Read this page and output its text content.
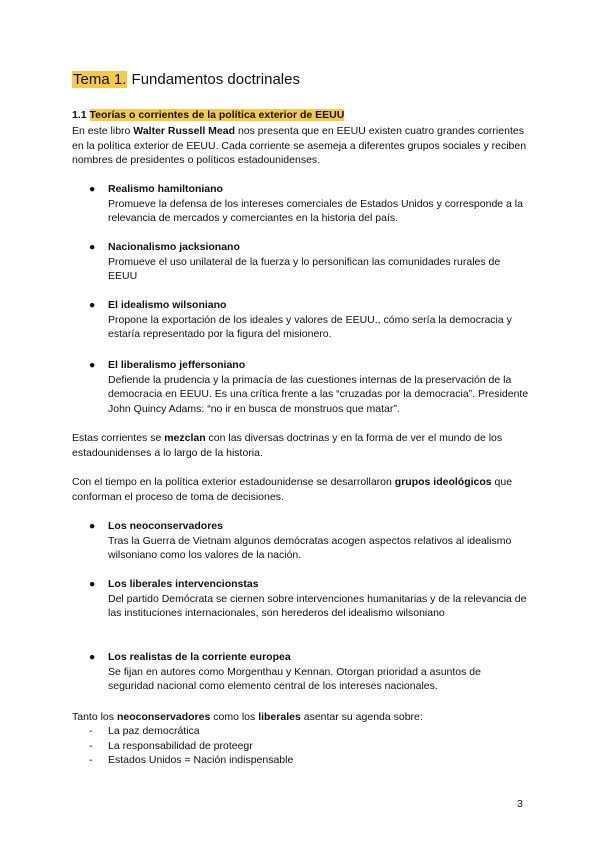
Tema 1. Fundamentos doctrinales
1.1 Teorías o corrientes de la política exterior de EEUU
En este libro Walter Russell Mead nos presenta que en EEUU existen cuatro grandes corrientes en la política exterior de EEUU. Cada corriente se asemeja a diferentes grupos sociales y reciben nombres de presidentes o políticos estadounidenses.
●	Realismo hamiltoniano
Promueve la defensa de los intereses comerciales de Estados Unidos y corresponde a la relevancia de mercados y comerciantes en la historia del país.
●	Nacionalismo jacksionano
Promueve el uso unilateral de la fuerza y lo personifican las comunidades rurales de EEUU
●	El idealismo wilsoniano
Propone la exportación de los ideales y valores de EEUU., cómo sería la democracia y estaría representado por la figura del misionero.
●	El liberalismo jeffersoniano
Defiende la prudencia y la primacía de las cuestiones internas de la preservación de la democracia en EEUU. Es una crítica frente a las “cruzadas por la democracia”. Presidente John Quincy Adams: “no ir en busca de monstruos que matar”.
Estas corrientes se mezclan con las diversas doctrinas y en la forma de ver el mundo de los estadounidenses a lo largo de la historia.
Con el tiempo en la política exterior estadounidense se desarrollaron grupos ideológicos que conforman el proceso de toma de decisiones.
●	Los neoconservadores
Tras la Guerra de Vietnam algunos demócratas acogen aspectos relativos al idealismo wilsoniano como los valores de la nación.
●	Los liberales intervencionstas
Del partido Demócrata se ciernen sobre intervenciones humanitarias y de la relevancia de las instituciones internacionales, son herederos del idealismo wilsoniano
●	Los realistas de la corriente europea
Se fijan en autores como Morgenthau y Kennan. Otorgan prioridad a asuntos de seguridad nacional como elemento central de los intereses nacionales.
Tanto los neoconservadores como los liberales asentar su agenda sobre:
-	La paz democrática
-	La responsabilidad de proteegr
-	Estados Unidos = Nación indispensable
3
